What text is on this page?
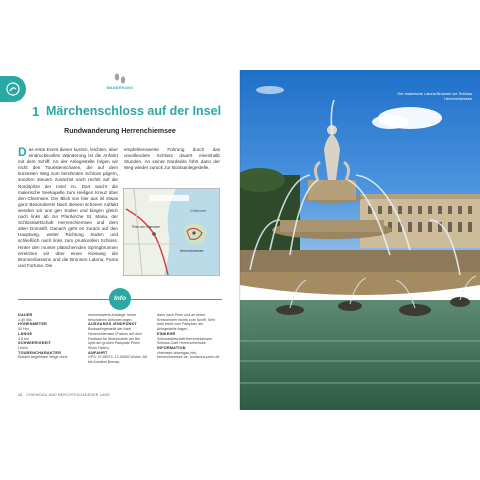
WANDERUNG
1 Märchenschloss auf der Insel
Rundwanderung Herrenchiemsee
Das erste Event dieser kurzen, leichten, aber eindrucksvollen Wanderung ist die Anfahrt mit dem Schiff. An der Anlegestelle folgen wir nicht den Touristenscharen, die auf dem kürzesten Weg zum berühmten Schloss pilgern, sondern steuern zunächst nach rechts auf die Nordspitze der Insel zu. Dort wacht die malerische Seekapelle zum Heiligen Kreuz über den Chiemsee. Der Blick von hier aus ist etwas ganz Besonderes! Nach diesem schönen Auftakt wenden wir uns gen Süden und biegen gleich nach links ab zur Pfarrkirche St. Maria, der Schlosswirtschaft Herrenchiemsee und dem alten Domstift. Danach geht es zurück auf den Hauptweg, weiter Richtung Süden und schließlich nach links zum prunkvollen Schloss. Hinter den munter plätschernden Springbrunnen erreichen wir über einen Kiesweg die Brunnenbassins und die Brunnen Latona, Fama und Fortuna. Die
empfehlenswerte Führung durch das unvollendete Schloss dauert eineinhalb Stunden. An seiner Nordseite führt dann der Weg wieder zurück zur Bootsanlegestelle.
Prien am Chiemsee
Herrenchiemsee
Chiemsee
Info
DAUER
1:30 Std.
HÖHENMETER
30 Hm
LÄNGE
4,5 km
SCHWIERIGKEIT
Leicht
TOURENCHARAKTER
Einfach begehbare Wege ohne
nennenswerte Anstiege, keine besonderen Anforderungen
AUSGANGS-/ENDPUNKT
Bootsanlegestelle der Insel Herrenchiemsee (Parken auf dem Festland für Wohnmobile am Bei spiel am großen Parkplatz Prien/ Stock Hafen)
ANFAHRT
GPS: 47.86374, 12.40592 Wohin: A8 bis Ausfahrt Bernau,
dann nach Prien und an einen Kreisverkehr rechts zum Schiff. Sehr bald leicht zum Parkplatz der Anlegestelle folgen.
EINKEHR
Schlosswirtschaft Herrenchiemsee, Schloss-Café Herrenchiemsee
INFORMATION
chiemsee-chiemgau.info, herrenchiemsee.de, tourismus.prien.de
12 CHIEMGAU UND BERCHTESGADENER LAND
Der malerische Latona-Brunnen vor Schloss Herrenchiemsee
